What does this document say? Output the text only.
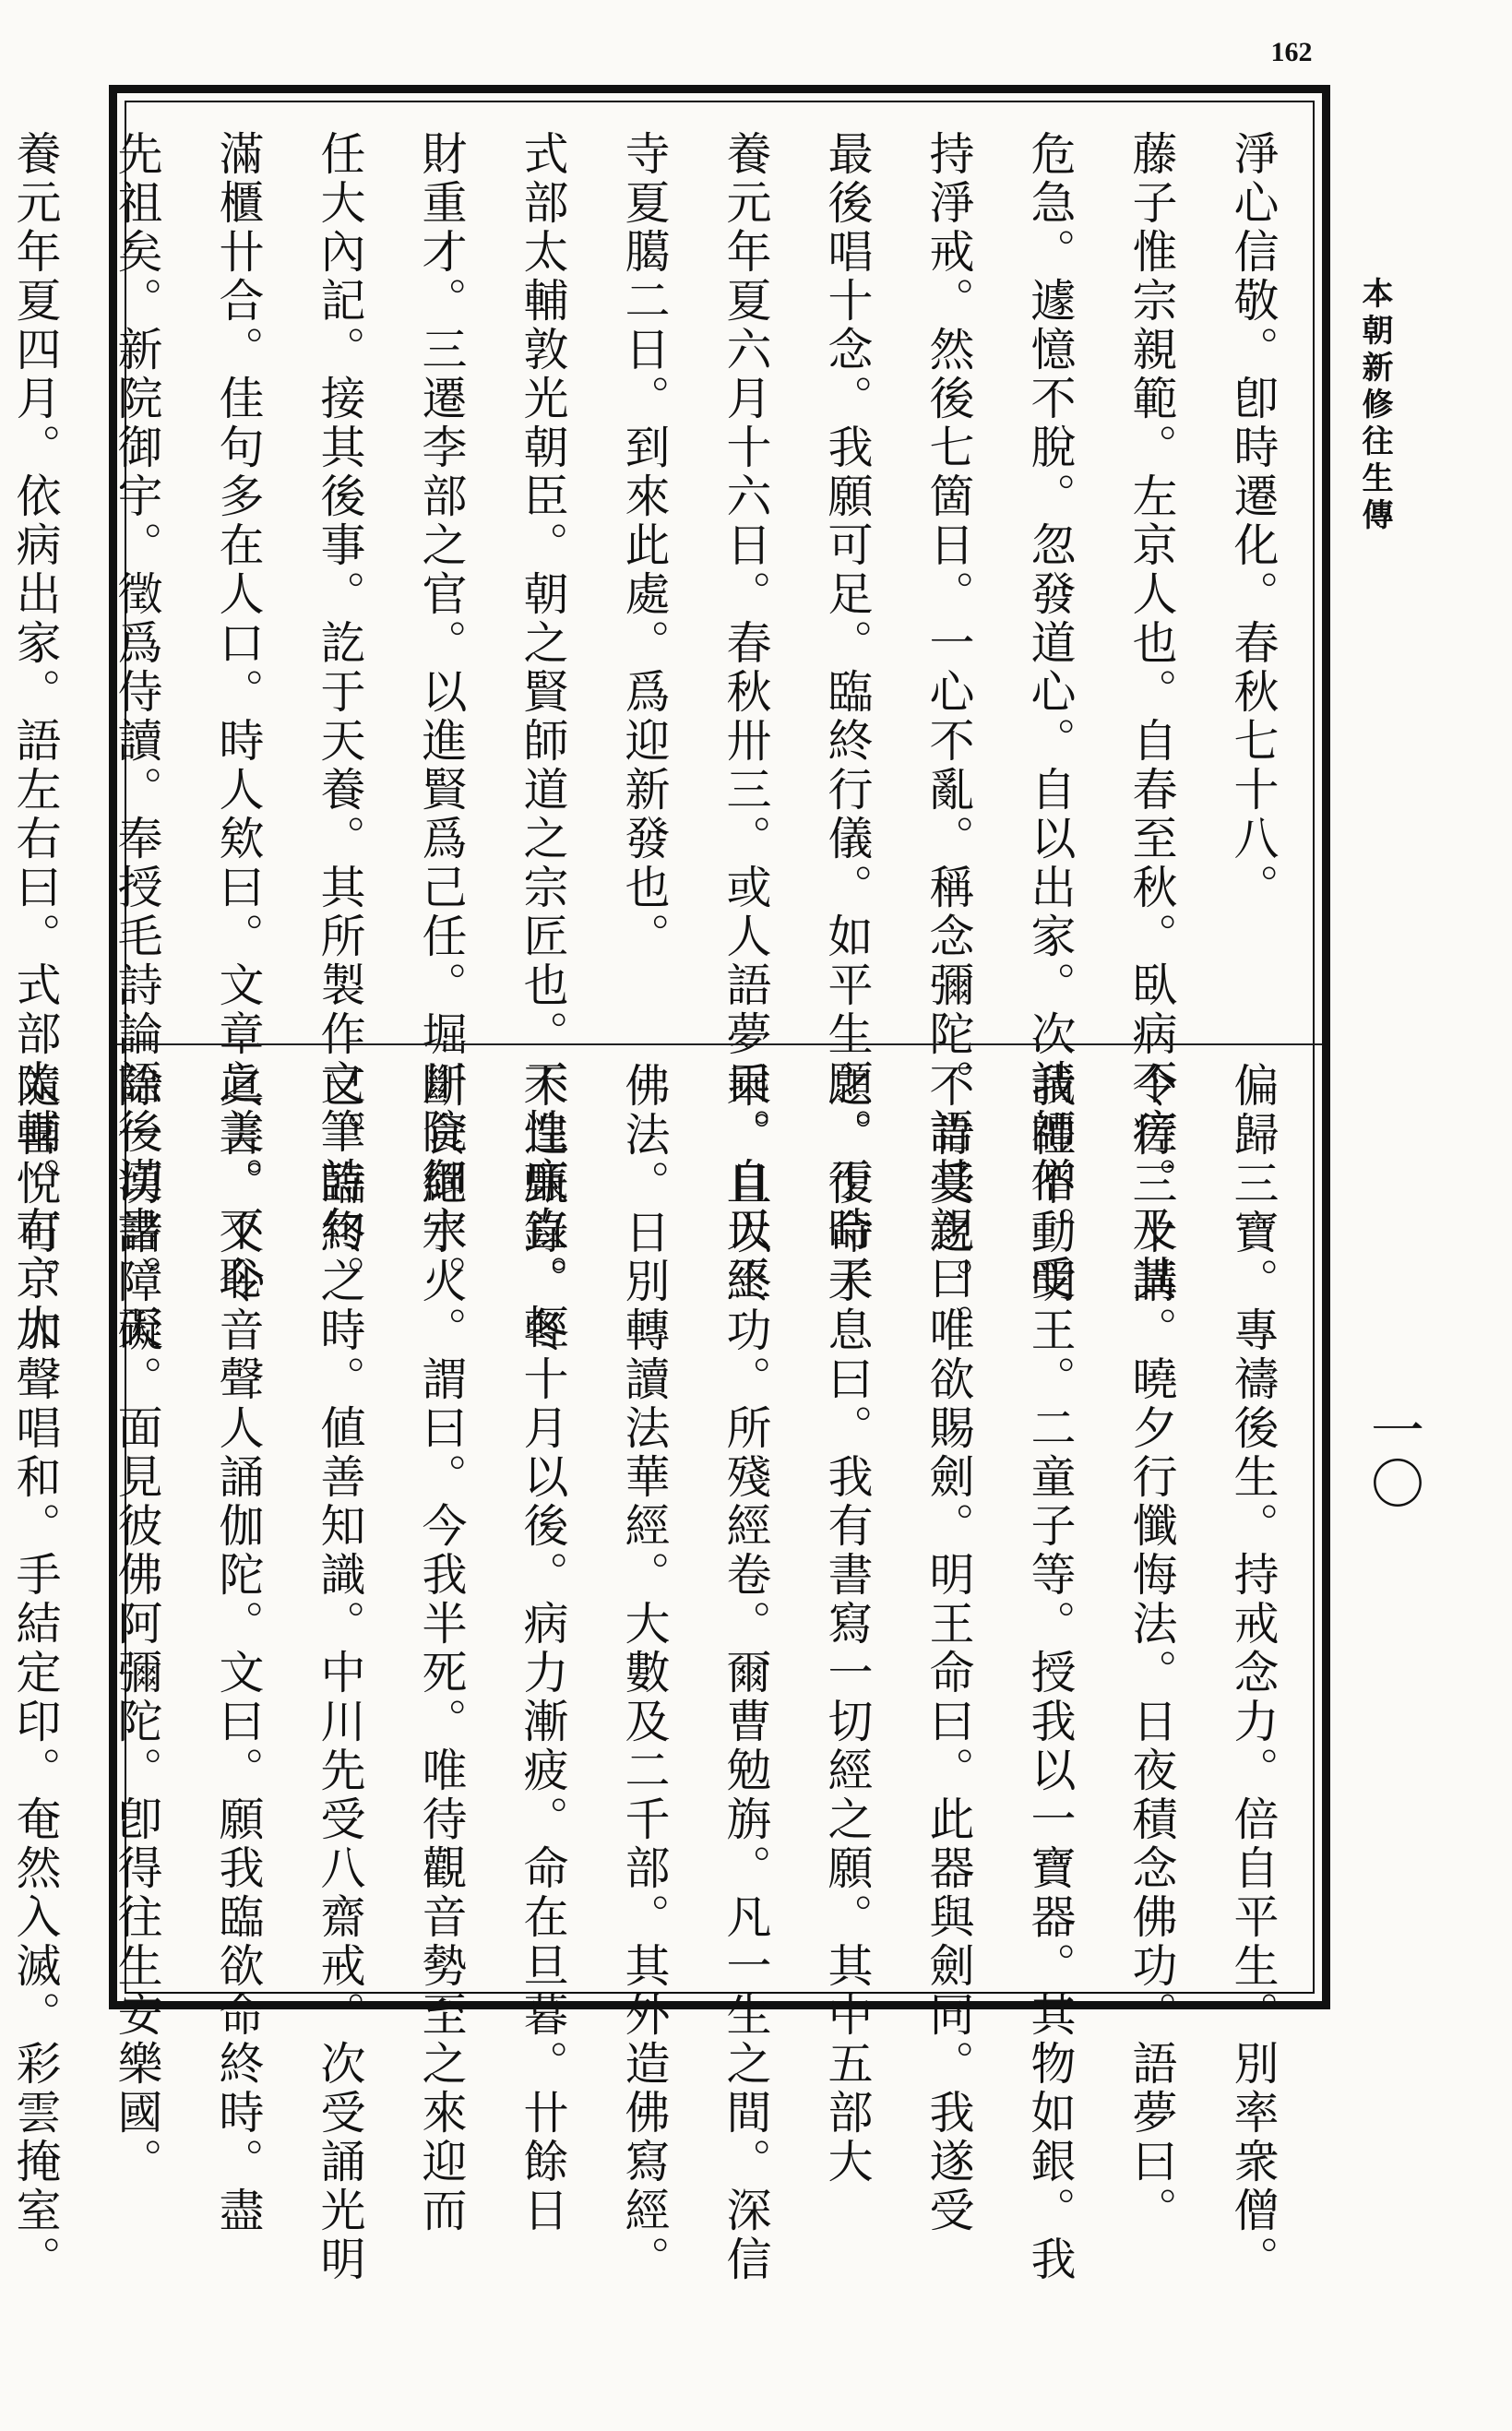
162
淨心信敬。卽時遷化。春秋七十八。
藤子惟宗親範。左京人也。自春至秋。臥病不瘥。及其
危急。遽憶不脫。忽發道心。自以出家。次請師僧。受
持淨戒。然後七箇日。一心不亂。稱念彌陀。語其親曰。
最後唱十念。我願可足。臨終行儀。如平生願。于時天
養元年夏六月十六日。春秋卅三。或人語夢曰。自天王
寺夏臈二日。到來此處。爲迎新發也。
式部太輔敦光朝臣。朝之賢師道之宗匠也。天性廉直。輕
財重才。三遷李部之官。以進賢爲己任。堀川院御宇。
任大內記。接其後事。訖于天養。其所製作文筆詩句。
滿櫃卄合。佳句多在人口。時人欸曰。文章之美。不恥
先祖矣。新院御宇。徵爲侍讀。奉授毛詩論語後漢書。天
養元年夏四月。依病出家。語左右曰。式部太輔。右京大
偏歸三寶。專禱後生。持戒念力。倍自平生。別率衆僧。
令行三十講。曉夕行懺悔法。日夜積念佛功。語夢曰。
我禮不動明王。二童子等。授我以一寶器。其物如銀。我
不肯受之。唯欲賜劍。明王命曰。此器與劍同。我遂受
之。復命子息曰。我有書寫一切經之願。其中五部大
乘。且以終功。所殘經卷。爾曹勉旃。凡一生之間。深信
佛法。日別轉讀法華經。大數及二千部。其外造佛寫經。
不遑甄錄。冬十月以後。病力漸疲。命在旦暮。卄餘日
斷食絕水火。謂曰。今我半死。唯待觀音勢至之來迎而
已。臨終之時。値善知識。中川先受八齋戒。次受誦光明
眞言。又令音聲人誦伽陀。文曰。願我臨欲命終時。盡
除一切諸障礙。面見彼佛阿彌陀。卽得往生安樂國。
隨喜悅可。加聲唱和。手結定印。奄然入滅。彩雲掩室。
本朝新修往生傳
一〇
